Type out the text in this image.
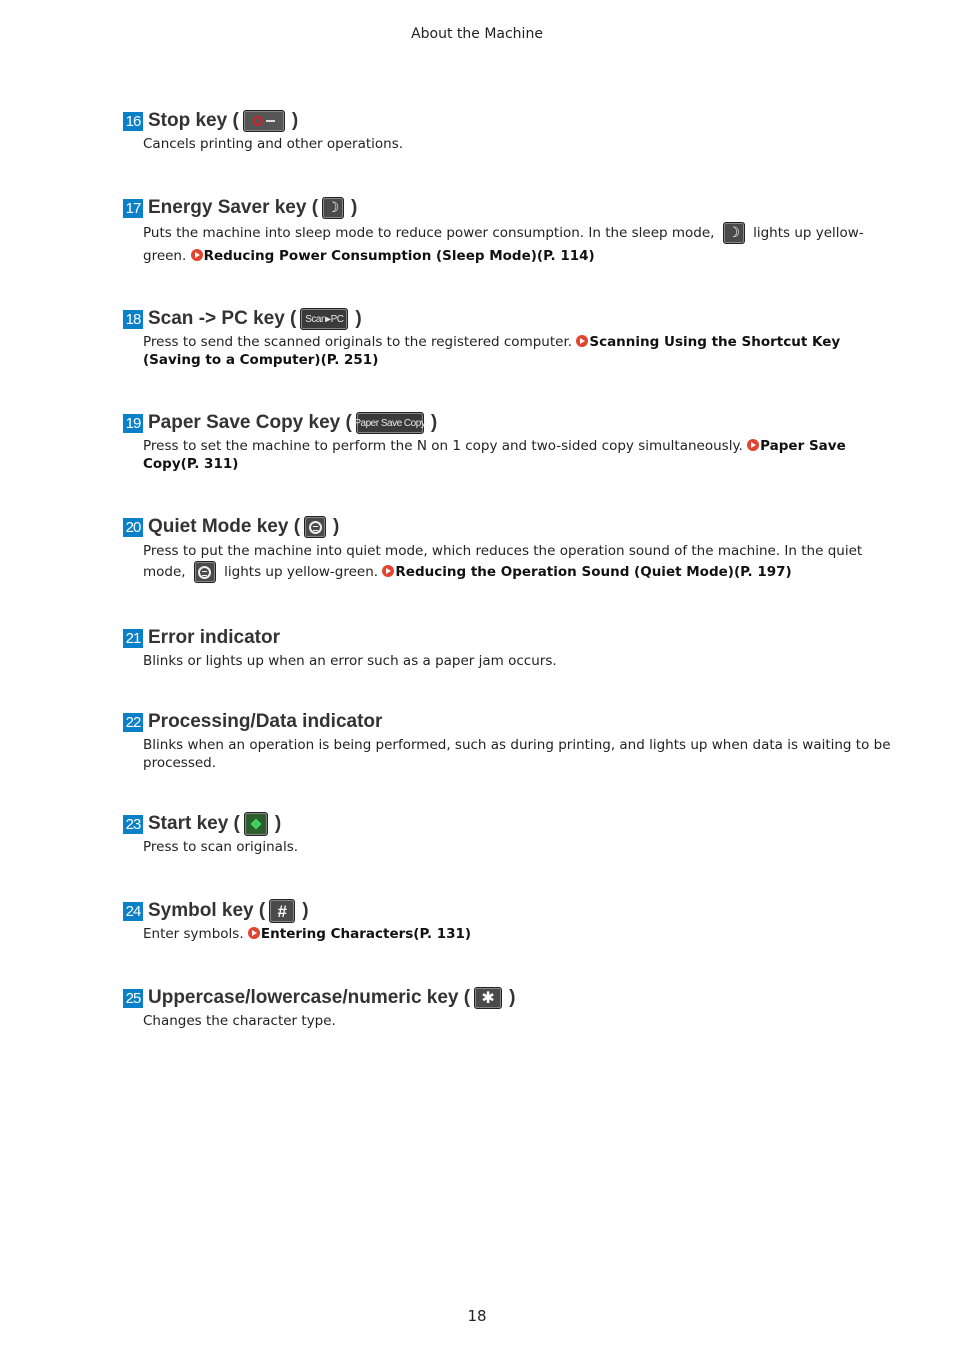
About the Machine
16 Stop key (	)
Cancels printing and other operations.
17 Energy Saver key ( ☽ )
Puts the machine into sleep mode to reduce power consumption. In the sleep mode, ☽ lights up yellow-green. Reducing Power Consumption (Sleep Mode)(P. 114)
18 Scan -> PC key ( Scan▸PC )
Press to send the scanned originals to the registered computer. Scanning Using the Shortcut Key (Saving to a Computer)(P. 251)
19 Paper Save Copy key ( Paper Save Copy )
Press to set the machine to perform the N on 1 copy and two-sided copy simultaneously. Paper Save Copy(P. 311)
20 Quiet Mode key ( )
Press to put the machine into quiet mode, which reduces the operation sound of the machine. In the quiet mode,	lights up yellow-green. Reducing the Operation Sound (Quiet Mode)(P. 197)
21 Error indicator
Blinks or lights up when an error such as a paper jam occurs.
22 Processing/Data indicator
Blinks when an operation is being performed, such as during printing, and lights up when data is waiting to be processed.
23 Start key ( )
Press to scan originals.
24 Symbol key ( # )
Enter symbols. Entering Characters(P. 131)
25 Uppercase/lowercase/numeric key ( ✱ )
Changes the character type.
18
